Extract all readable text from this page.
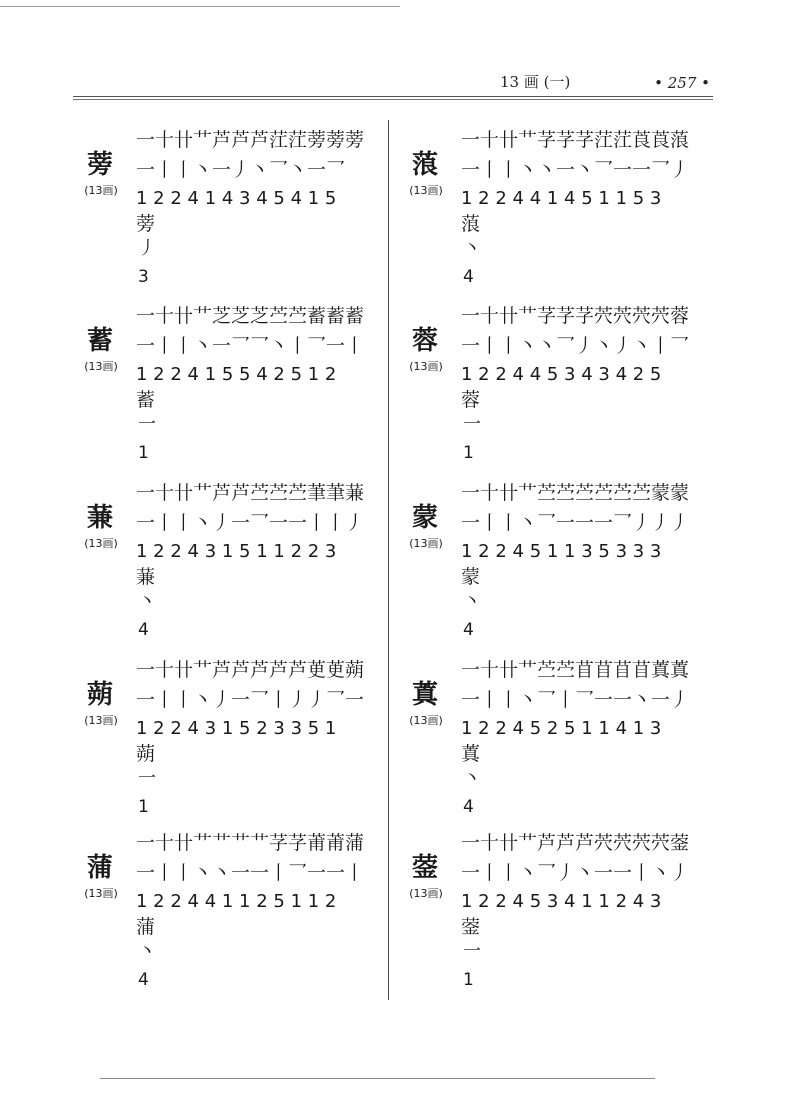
13 画 (一)	• 257 •
蒡
(13画)
一十卄艹芦芦芦茳茳蒡蒡蒡
一丨丨丶一丿丶乛丶一乛
1 2 2 4 1 4 3 4 5 4 1 5
蒡
丿
3
蓄
(13画)
一十卄艹芝芝芝苎苎蓄蓄蓄
一丨丨丶一乛乛丶丨乛一丨
1 2 2 4 1 5 5 4 2 5 1 2
蓄
一
1
蒹
(13画)
一十卄艹芦芦苎苎苎茟茟蒹
一丨丨丶丿一乛一一丨丨丿
1 2 2 4 3 1 5 1 1 2 2 3
蒹
丶
4
蒴
(13画)
一十卄艹芦芦芦芦芦茰茰蒴
一丨丨丶丿一乛丨丿丿乛一
1 2 2 4 3 1 5 2 3 3 5 1
蒴
一
1
蒲
(13画)
一十卄艹艹艹艹芓芓莆莆蒲
一丨丨丶丶一一丨乛一一丨
1 2 2 4 4 1 1 2 5 1 1 2
蒲
丶
4
蒗
(13画)
一十卄艹芓芓芓茳茳莨莨蒗
一丨丨丶丶一丶乛一一乛丿
1 2 2 4 4 1 4 5 1 1 5 3
蒗
丶
4
蓉
(13画)
一十卄艹芓芓芓茓茓茓茓蓉
一丨丨丶丶乛丿丶丿丶丨乛
1 2 2 4 4 5 3 4 3 4 2 5
蓉
一
1
蒙
(13画)
一十卄艹苎苎苎苎苎苎蒙蒙
一丨丨丶乛一一一乛丿丿丿
1 2 2 4 5 1 1 3 5 3 3 3
蒙
丶
4
蒖
(13画)
一十卄艹苎苎苜苜苜苜蒖蒖
一丨丨丶乛丨乛一一丶一丿
1 2 2 4 5 2 5 1 1 4 1 3
蒖
丶
4
蓥
(13画)
一十卄艹芦芦芦茓茓茓茓蓥
一丨丨丶乛丿丶一一丨丶丿
1 2 2 4 5 3 4 1 1 2 4 3
蓥
一
1
